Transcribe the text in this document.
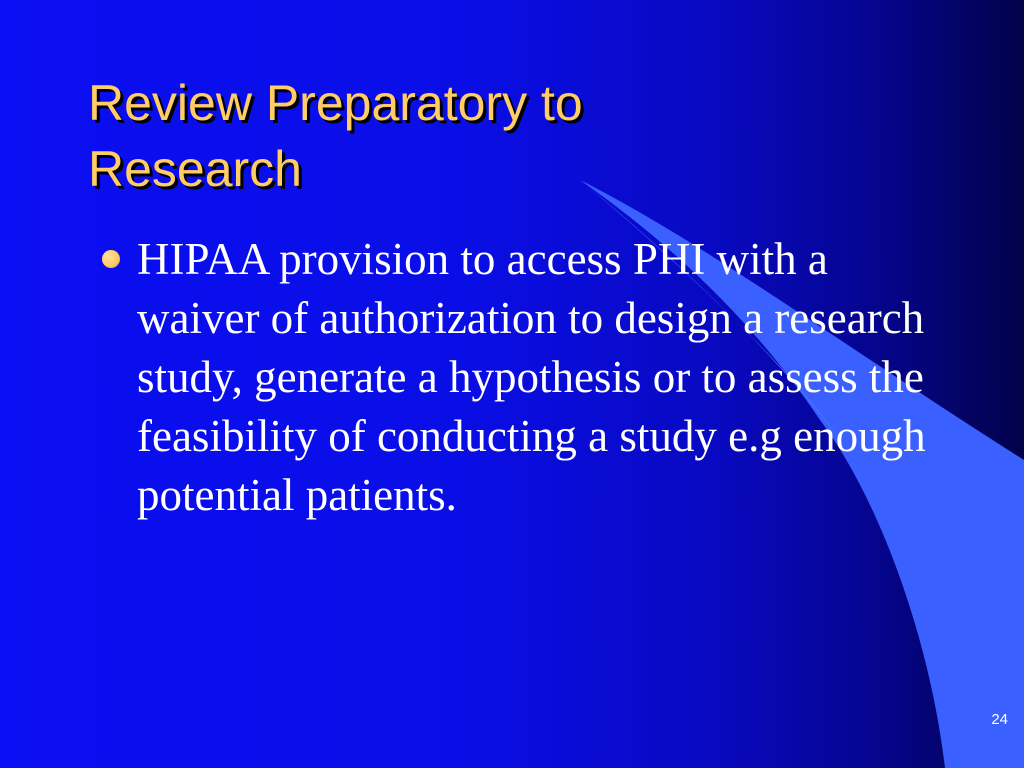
Review Preparatory to Research
HIPAA provision to access PHI with a waiver of authorization to design a research study, generate a hypothesis or to assess the feasibility of conducting a study e.g enough potential patients.
24
